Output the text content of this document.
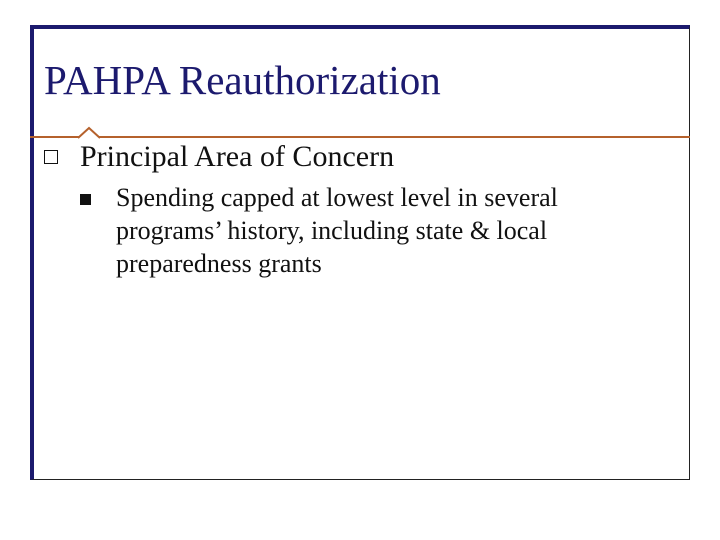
PAHPA Reauthorization

Principal Area of Concern

Spending capped at lowest level in several programs’ history, including state & local preparedness grants
